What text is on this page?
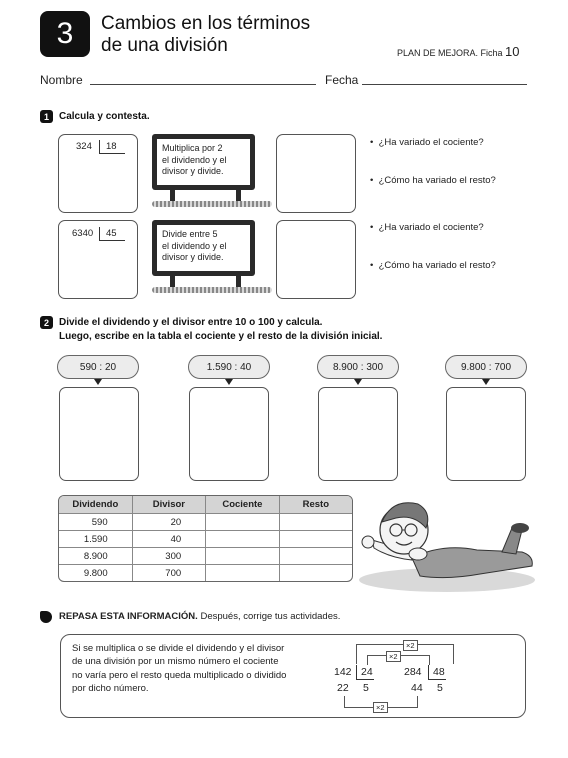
3 Cambios en los términos
de una división	PLAN DE MEJORA. Ficha 10
Nombre	Fecha
1	Calcula y contesta.
324 18	Multiplica por 2
el dividendo y el
divisor y divide.
•  ¿Ha variado el cociente?
•  ¿Cómo ha variado el resto?
6340 45	Divide entre 5
el dividendo y el
divisor y divide.
•  ¿Ha variado el cociente?
•  ¿Cómo ha variado el resto?
2	Divide el dividendo y el divisor entre 10 o 100 y calcula.
Luego, escribe en la tabla el cociente y el resto de la división inicial.
590 : 20	1.590 : 40	8.900 : 300	9.800 : 700
Dividendo	Divisor	Cociente	Resto
590	20		
1.590	40		
8.900	300		
9.800	700		
REPASA ESTA INFORMACIÓN. Después, corrige tus actividades.
Si se multiplica o se divide el dividendo y el divisor
de una división por un mismo número el cociente
no varía pero el resto queda multiplicado o dividido
por dicho número.
×2
×2
142 24
22 5
284 48
44 5
×2
